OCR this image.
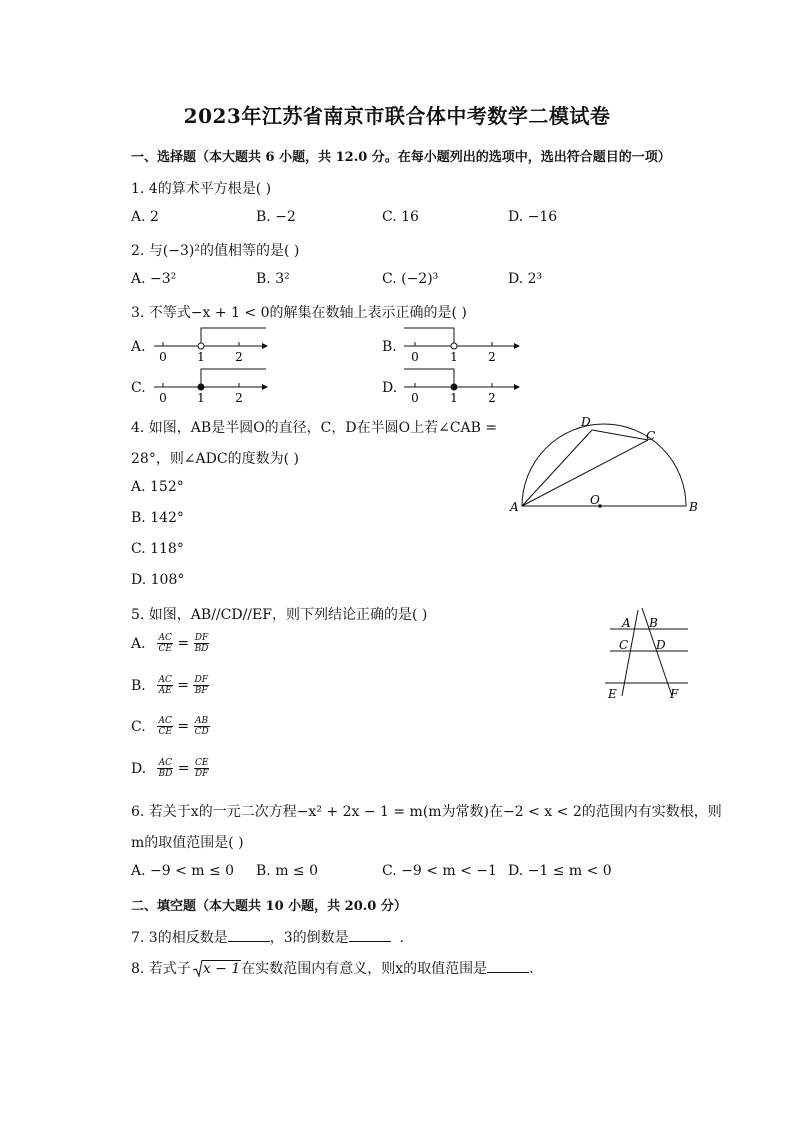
2023年江苏省南京市联合体中考数学二模试卷
一、选择题（本大题共 6 小题，共 12.0 分。在每小题列出的选项中，选出符合题目的一项）
1. 4的算术平方根是( )
A. 2	B. −2	C. 16	D. −16
2. 与(−3)²的值相等的是( )
A. −3²	B. 3²	C. (−2)³	D. 2³
3. 不等式−x + 1 < 0的解集在数轴上表示正确的是( )
A.
0	1	2
B.
0	1	2
C.
0	1	2
D.
0	1	2
4. 如图，AB是半圆O的直径，C，D在半圆O上若∠CAB =
28°，则∠ADC的度数为( )
A. 152°
B. 142°
C. 118°
D. 108°
A	B
C
D
O
5. 如图，AB//CD//EF，则下列结论正确的是( )
A. $\frac{AC}{CE} = \frac{DF}{BD}$
B. $\frac{AC}{AE} = \frac{DF}{BF}$
C. $\frac{AC}{CE} = \frac{AB}{CD}$
D. $\frac{AC}{BD} = \frac{CE}{DF}$
A B
C D
E	F
6. 若关于x的一元二次方程−x² + 2x − 1 = m(m为常数)在−2 < x < 2的范围内有实数根，则
m的取值范围是( )
A. −9 < m ≤ 0 B. m ≤ 0	C. −9 < m < −1 D. −1 ≤ m < 0
二、填空题（本大题共 10 小题，共 20.0 分）
7. 3的相反数是	，3的倒数是	.
8. 若式子 x − 1在实数范围内有意义，则x的取值范围是	.
